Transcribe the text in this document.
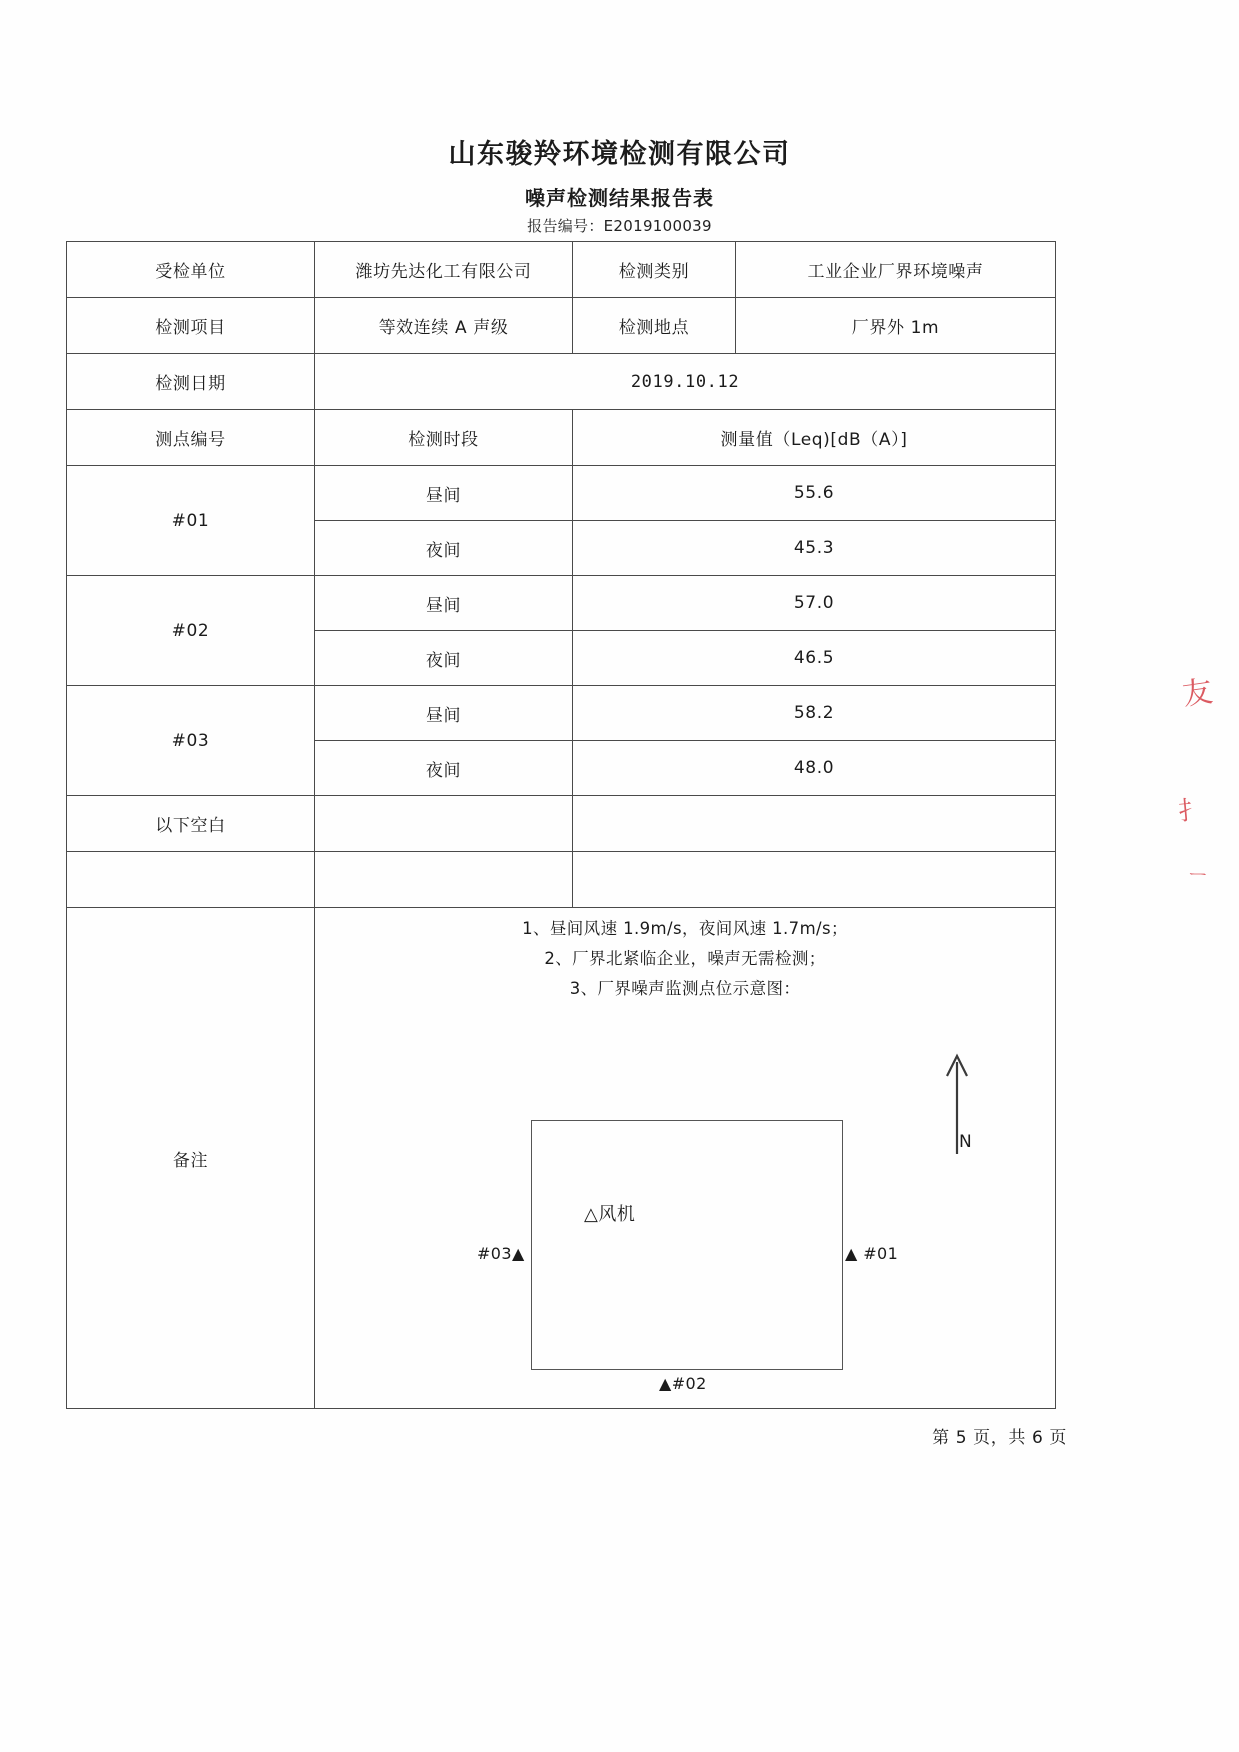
山东骏羚环境检测有限公司
噪声检测结果报告表
报告编号：E2019100039
受检单位	潍坊先达化工有限公司	检测类别	工业企业厂界环境噪声
检测项目	等效连续 A 声级	检测地点	厂界外 1m
检测日期	2019.10.12		
测点编号	检测时段	测量值（Leq)[dB（A）]	
#01	昼间	55.6	
	夜间	45.3	
#02	昼间	57.0	
	夜间	46.5	
#03	昼间	58.2	
	夜间	48.0	
以下空白			

备注	
1、昼间风速 1.9m/s，夜间风速 1.7m/s；
2、厂界北紧临企业，噪声无需检测；
3、厂界噪声监测点位示意图：
N
△风机
#03▲	▲ #01
▲#02
第 5 页，共 6 页
友
扌
ㄧ
